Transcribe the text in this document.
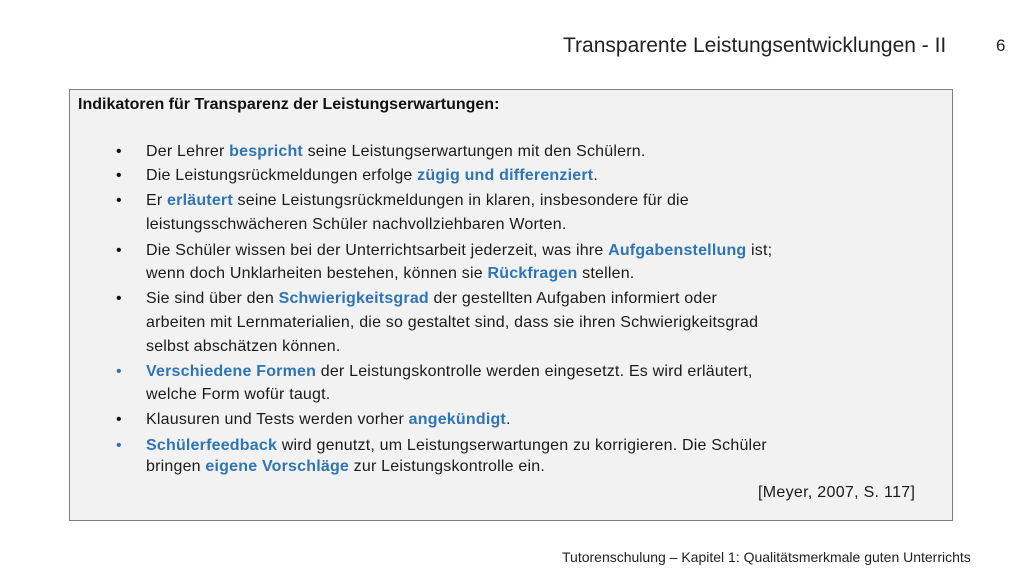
Transparente Leistungsentwicklungen - II	6
Indikatoren für Transparenz der Leistungserwartungen:
• Der Lehrer bespricht seine Leistungserwartungen mit den Schülern.
• Die Leistungsrückmeldungen erfolge zügig und differenziert.
• Er erläutert seine Leistungsrückmeldungen in klaren, insbesondere für die
leistungsschwächeren Schüler nachvollziehbaren Worten.
• Die Schüler wissen bei der Unterrichtsarbeit jederzeit, was ihre Aufgabenstellung ist;
wenn doch Unklarheiten bestehen, können sie Rückfragen stellen.
• Sie sind über den Schwierigkeitsgrad der gestellten Aufgaben informiert oder
arbeiten mit Lernmaterialien, die so gestaltet sind, dass sie ihren Schwierigkeitsgrad
selbst abschätzen können.
• Verschiedene Formen der Leistungskontrolle werden eingesetzt. Es wird erläutert,
welche Form wofür taugt.
• Klausuren und Tests werden vorher angekündigt.
• Schülerfeedback wird genutzt, um Leistungserwartungen zu korrigieren. Die Schüler
bringen eigene Vorschläge zur Leistungskontrolle ein.
[Meyer, 2007, S. 117]
Tutorenschulung – Kapitel 1: Qualitätsmerkmale guten Unterrichts
